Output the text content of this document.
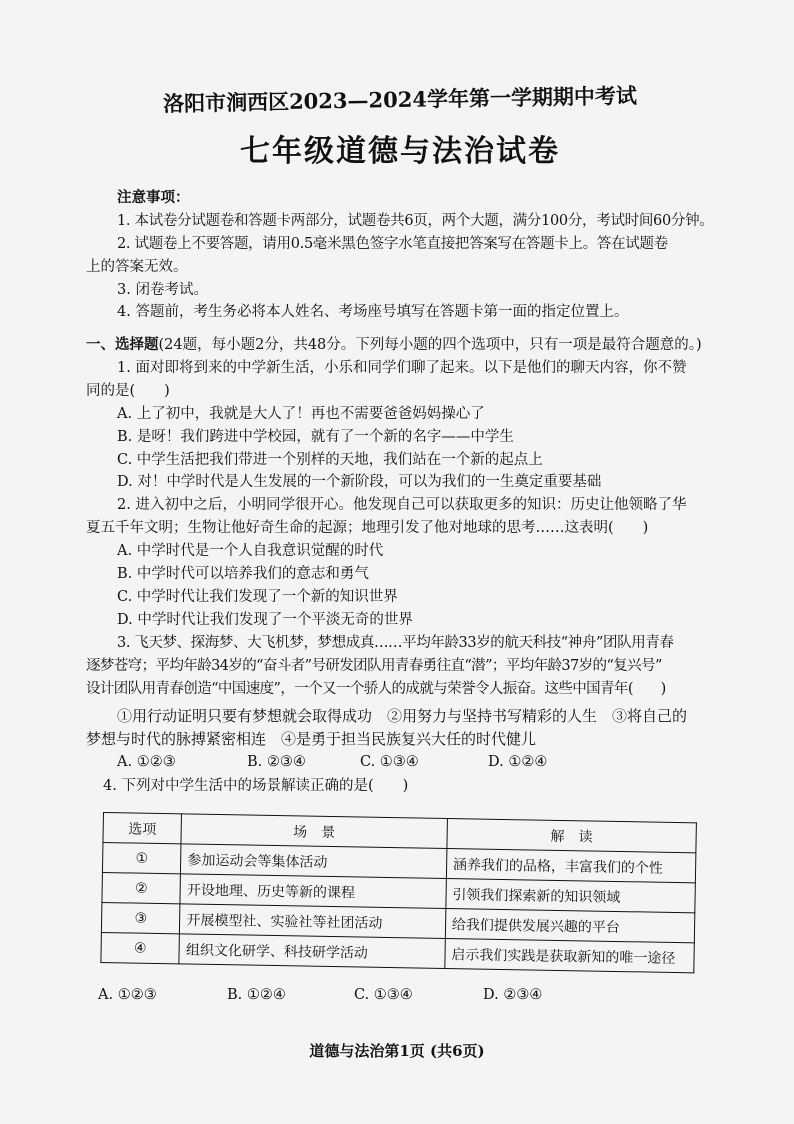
洛阳市涧西区2023—2024学年第一学期期中考试
七年级道德与法治试卷
注意事项：
1. 本试卷分试题卷和答题卡两部分，试题卷共6页，两个大题，满分100分，考试时间60分钟。
2. 试题卷上不要答题，请用0.5毫米黑色签字水笔直接把答案写在答题卡上。答在试题卷
上的答案无效。
3. 闭卷考试。
4. 答题前，考生务必将本人姓名、考场座号填写在答题卡第一面的指定位置上。
一、选择题(24题，每小题2分，共48分。下列每小题的四个选项中，只有一项是最符合题意的。)
1. 面对即将到来的中学新生活，小乐和同学们聊了起来。以下是他们的聊天内容，你不赞
同的是(　　)
A. 上了初中，我就是大人了！再也不需要爸爸妈妈操心了
B. 是呀！我们跨进中学校园，就有了一个新的名字——中学生
C. 中学生活把我们带进一个别样的天地，我们站在一个新的起点上
D. 对！中学时代是人生发展的一个新阶段，可以为我们的一生奠定重要基础
2. 进入初中之后，小明同学很开心。他发现自己可以获取更多的知识：历史让他领略了华
夏五千年文明；生物让他好奇生命的起源；地理引发了他对地球的思考……这表明(　　)
A. 中学时代是一个人自我意识觉醒的时代
B. 中学时代可以培养我们的意志和勇气
C. 中学时代让我们发现了一个新的知识世界
D. 中学时代让我们发现了一个平淡无奇的世界
3. 飞天梦、探海梦、大飞机梦，梦想成真……平均年龄33岁的航天科技“神舟”团队用青春
逐梦苍穹；平均年龄34岁的“奋斗者”号研发团队用青春勇往直“潜”；平均年龄37岁的“复兴号”
设计团队用青春创造“中国速度”，一个又一个骄人的成就与荣誉令人振奋。这些中国青年(　　)
①用行动证明只要有梦想就会取得成功　②用努力与坚持书写精彩的人生　③将自己的
梦想与时代的脉搏紧密相连　④是勇于担当民族复兴大任的时代健儿
A. ①②③	B. ②③④	C. ①③④	D. ①②④
4. 下列对中学生活中的场景解读正确的是(　　)
选项	场　景	解　读
①	参加运动会等集体活动	涵养我们的品格，丰富我们的个性
②	开设地理、历史等新的课程	引领我们探索新的知识领域
③	开展模型社、实验社等社团活动	给我们提供发展兴趣的平台
④	组织文化研学、科技研学活动	启示我们实践是获取新知的唯一途径
A. ①②③	B. ①②④	C. ①③④	D. ②③④
道德与法治第1页 (共6页)
